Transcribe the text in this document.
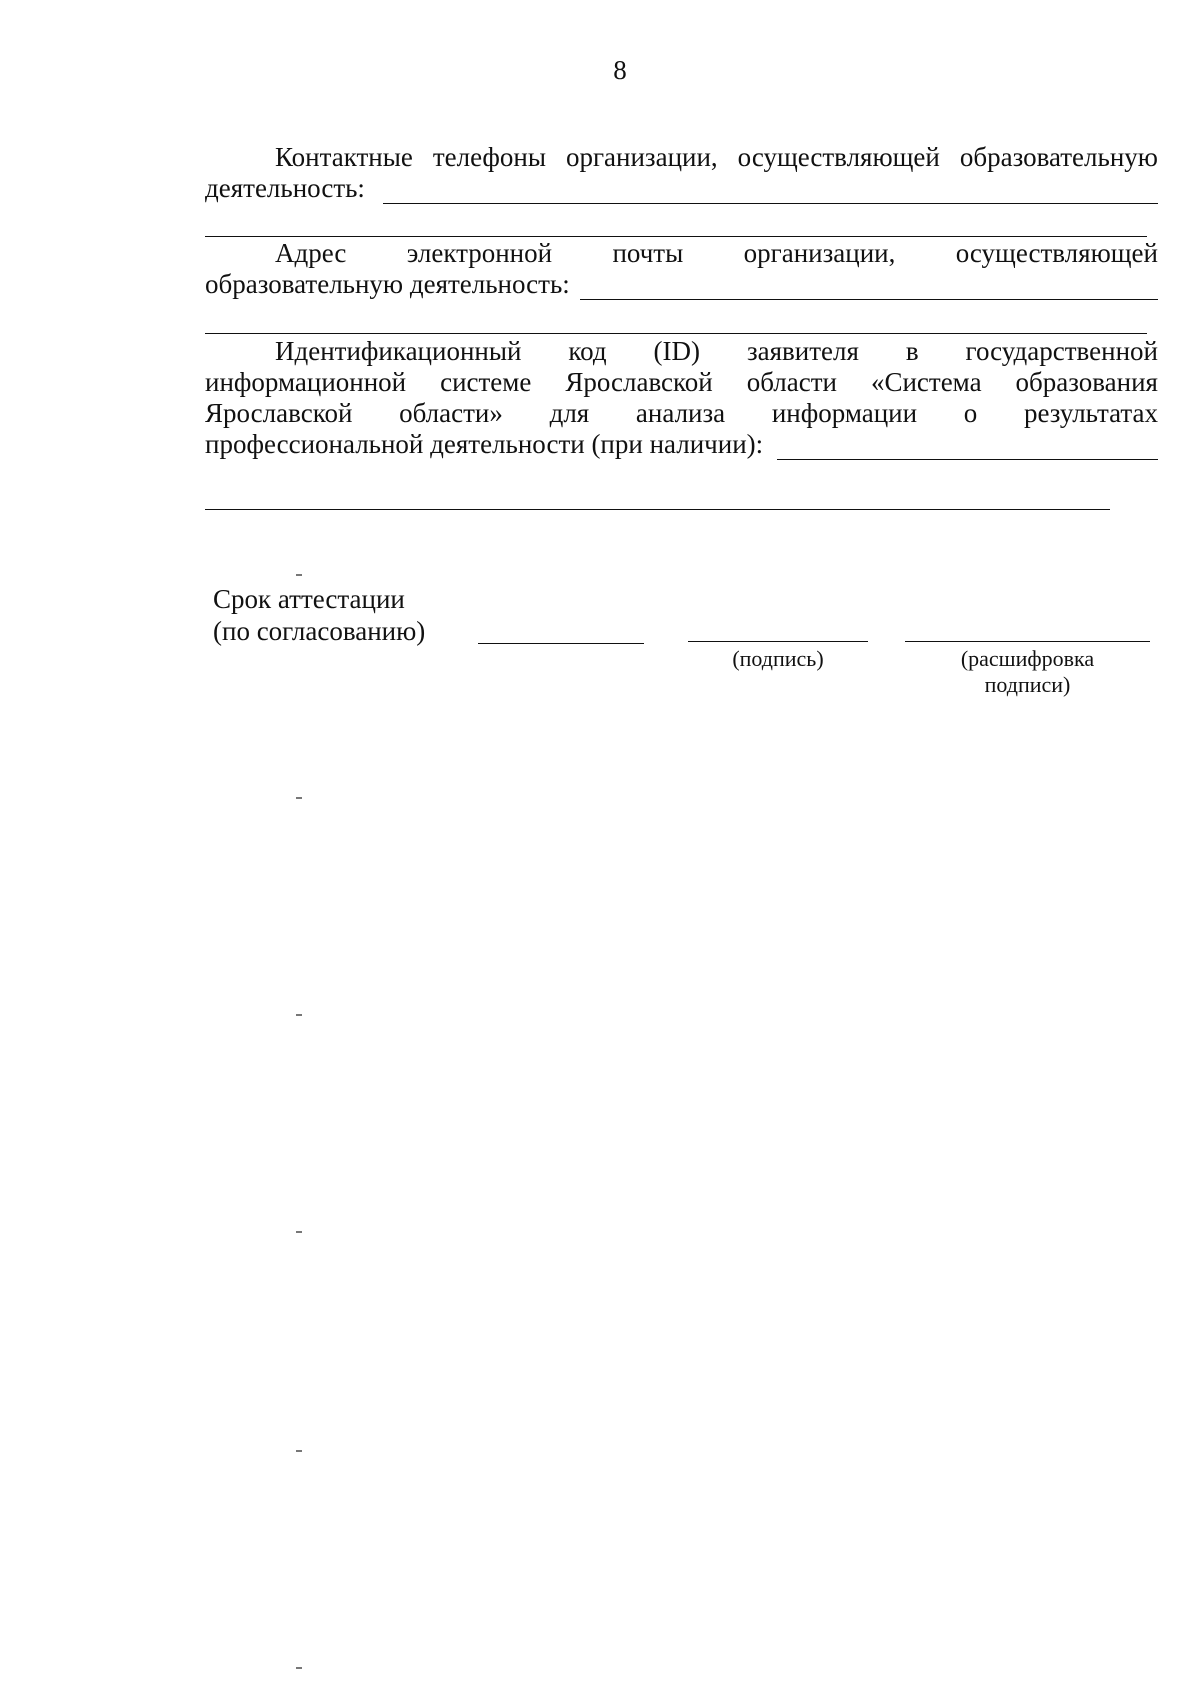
8
Контактные телефоны организации, осуществляющей образовательную
деятельность:
Адрес электронной почты организации, осуществляющей
образовательную деятельность:
Идентификационный код (ID) заявителя в государственной
информационной системе Ярославской области «Система образования
Ярославской области» для анализа информации о результатах
профессиональной деятельности (при наличии):
Срок аттестации
(по согласованию)
(подпись)	(расшифровка
подписи)
